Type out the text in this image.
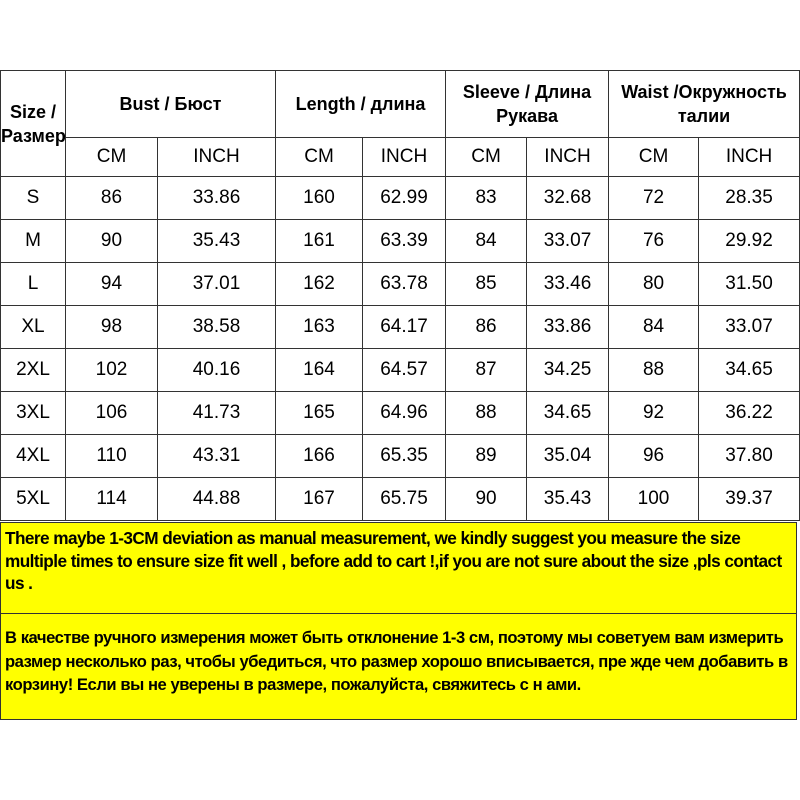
Size / Размер	Bust / Бюст		Length / длина		Sleeve / Длина Рукава		Waist /Окружность талии	
	CM	INCH	CM	INCH	CM	INCH	CM	INCH
S	86	33.86	160	62.99	83	32.68	72	28.35
M	90	35.43	161	63.39	84	33.07	76	29.92
L	94	37.01	162	63.78	85	33.46	80	31.50
XL	98	38.58	163	64.17	86	33.86	84	33.07
2XL	102	40.16	164	64.57	87	34.25	88	34.65
3XL	106	41.73	165	64.96	88	34.65	92	36.22
4XL	110	43.31	166	65.35	89	35.04	96	37.80
5XL	114	44.88	167	65.75	90	35.43	100	39.37
There maybe 1-3CM deviation as manual measurement, we kindly suggest you measure the size multiple times to ensure size fit well , before add to cart !,if you are not sure about the size ,pls contact us .
В качестве ручного измерения может быть отклонение 1-3 см, поэтому мы советуем вам измерить размер несколько раз, чтобы убедиться, что размер хорошо вписывается, пре жде чем добавить в корзину! Если вы не уверены в размере, пожалуйста, свяжитесь с н ами.
